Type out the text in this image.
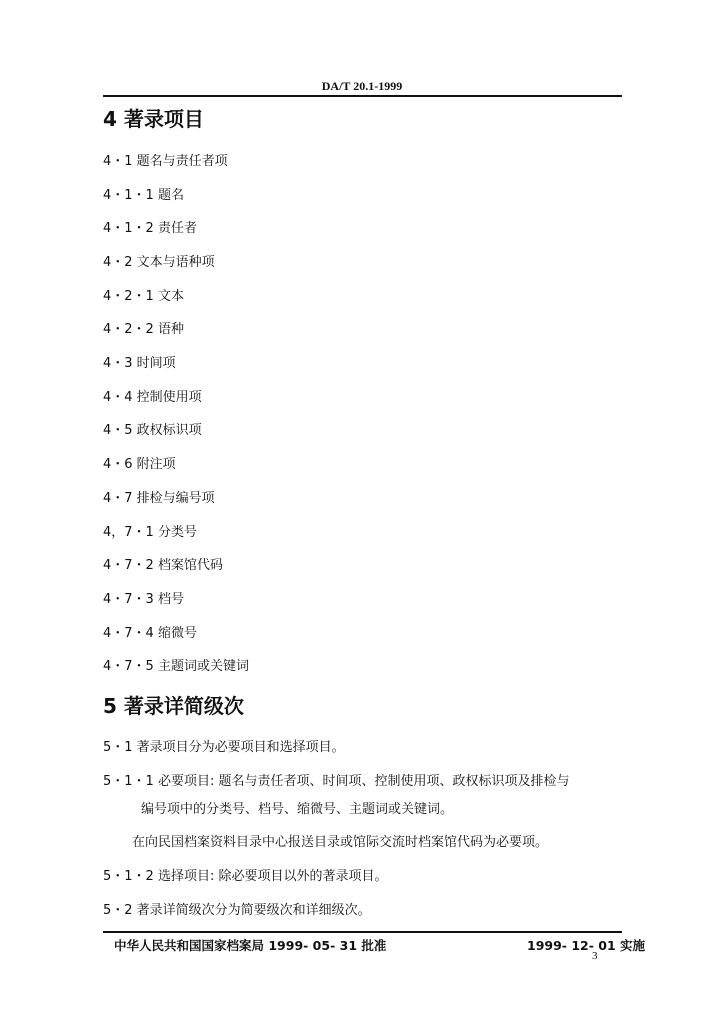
DA/T 20.1-1999
4 著录项目
4・1 题名与责任者项
4・1・1 题名
4・1・2 责任者
4・2 文本与语种项
4・2・1 文本
4・2・2 语种
4・3 时间项
4・4 控制使用项
4・5 政权标识项
4・6 附注项
4・7 排检与编号项
4，7・1 分类号
4・7・2 档案馆代码
4・7・3 档号
4・7・4 缩微号
4・7・5 主题词或关键词
5 著录详简级次
5・1 著录项目分为必要项目和选择项目。
5・1・1 必要项目: 题名与责任者项、时间项、控制使用项、政权标识项及排检与
编号项中的分类号、档号、缩微号、主题词或关键词。
在向民国档案资料目录中心报送目录或馆际交流时档案馆代码为必要项。
5・1・2 选择项目: 除必要项目以外的著录项目。
5・2 著录详简级次分为简要级次和详细级次。
中华人民共和国国家档案局 1999- 05- 31 批准	1999- 12- 01 实施
3
